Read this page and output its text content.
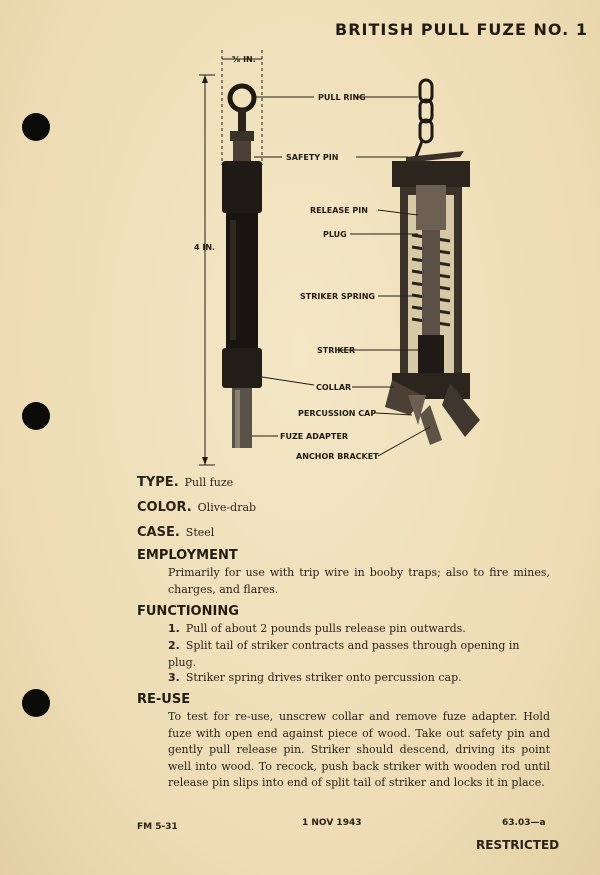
BRITISH PULL FUZE NO. 1
⅝ IN.
4 IN.
PULL RING
SAFETY PIN
RELEASE PIN
PLUG
STRIKER SPRING
STRIKER
COLLAR
PERCUSSION CAP
FUZE ADAPTER
ANCHOR BRACKET
TYPE. Pull fuze
COLOR. Olive-drab
CASE. Steel
EMPLOYMENT
Primarily for use with trip wire in booby traps; also to fire mines, charges, and flares.
FUNCTIONING
1. Pull of about 2 pounds pulls release pin outwards.
2. Split tail of striker contracts and passes through opening in plug.
3. Striker spring drives striker onto percussion cap.
RE-USE
To test for re-use, unscrew collar and remove fuze adapter. Hold fuze with open end against piece of wood. Take out safety pin and gently pull release pin. Striker should descend, driving its point well into wood. To recock, push back striker with wooden rod until release pin slips into end of split tail of striker and locks it in place.
FM 5-31	1 NOV 1943	63.03—a
RESTRICTED
